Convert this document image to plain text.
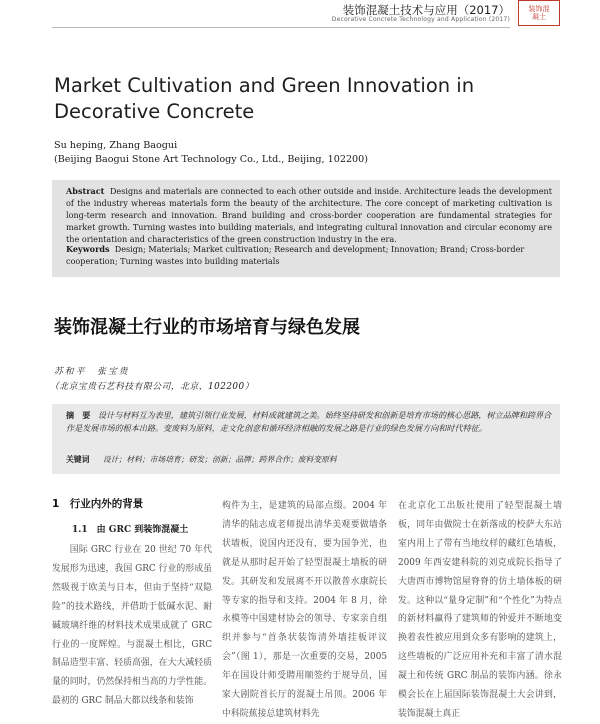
装饰混凝土技术与应用（2017）
Decorative Concrete Technology and Application (2017)
装饰混凝土
Market Cultivation and Green Innovation in Decorative Concrete
Su heping, Zhang Baogui
(Beijing Baogui Stone Art Technology Co., Ltd., Beijing, 102200)
Abstract Designs and materials are connected to each other outside and inside. Architecture leads the development of the industry whereas materials form the beauty of the architecture. The core concept of marketing cultivation is long-term research and innovation. Brand building and cross-border cooperation are fundamental strategies for market growth. Turning wastes into building materials, and integrating cultural innovation and circular economy are the orientation and characteristics of the green construction industry in the era.
Keywords Design; Materials; Market cultivation; Research and development; Innovation; Brand; Cross-border cooperation; Turning wastes into building materials
装饰混凝土行业的市场培育与绿色发展
苏和平　张宝贵
（北京宝贵石艺科技有限公司，北京，102200）
摘　要 设计与材料互为表里，建筑引领行业发展，材料成就建筑之美。始终坚持研发和创新是培育市场的核心思路，树立品牌和跨界合作是发展市场的根本出路。变废料为原料，走文化创意和循环经济相融的发展之路是行业的绿色发展方向和时代特征。
关键词 设计；材料；市场培育；研发；创新；品牌；跨界合作；废料变原料
1　行业内外的背景
1.1　由 GRC 到装饰混凝土

国际 GRC 行业在 20 世纪 70 年代发展形为迅速，我国 GRC 行业的形成虽然吸视于欧美与日本，但由于坚持“双隐险”的技术路线，并借助于低碱水泥、耐碱玻璃纤维的材料技术成果成就了 GRC 行业的一度辉煌。与混凝土相比，GRC 制品造型丰富、轻质高强，在大大减轻质量的同时，仍然保持相当高的力学性能。最初的 GRC 制品大都以线条和装饰

构件为主，是建筑的局部点缀。2004 年清华的陆志成老师提出清华美观要做墙条状墙板，说国内还没有，要为国争光，也就是从那时起开始了轻型混凝土墙板的研发。其研发和发展离不开以散普水康院长等专家的指导和支持。2004 年 8 月，徐永模等中国建材协会的领导、专家亲自组织并参与“首条状装饰清外墙挂板评议会”（图 1），那是一次重要的交易，2005 年在国设计师受聘用顺签约于规导员，国家大剧院首长厅的混凝土吊顶。2006 年中科院蕉接总建筑材料先

在北京化工出版社使用了轻型混凝土墙板，同年由做院士在新落成的校萨大东站室内用上了带有当地纹样的藏红色墙板，2009 年西安建科院的刘克成院长指导了大唐西市博物馆屋脊脊的仿土墙体板的研发。这种以“量身定制”和“个性化”为特点的新材料赢得了建筑师的钟爱并不断地变换着表性被应用到众多有影响的建筑上，这些墙板的广泛应用补充和丰富了清水混凝土和传统 GRC 制品的装饰内涵。徐永模会长在上届国际装饰混凝土大会讲到，装饰混凝土真正
